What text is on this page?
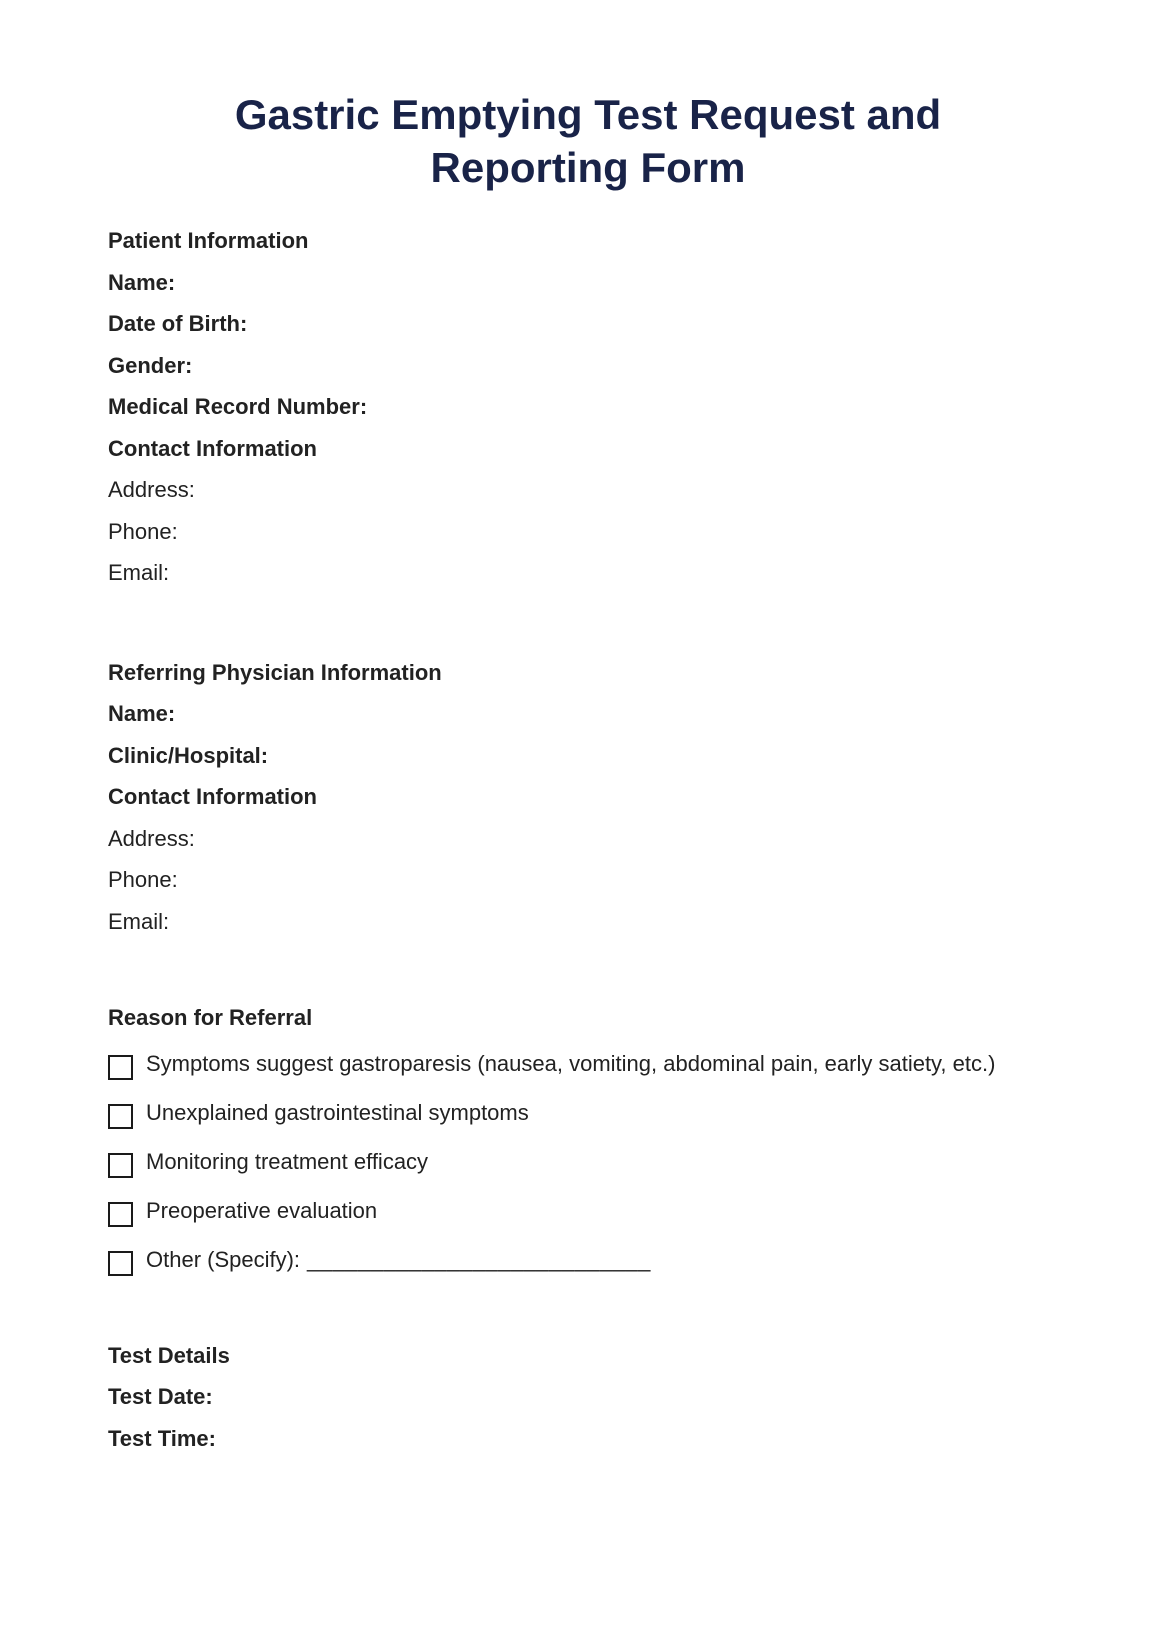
Gastric Emptying Test Request and
Reporting Form

Patient Information

Name:

Date of Birth:

Gender:

Medical Record Number:

Contact Information

Address:

Phone:

Email:

Referring Physician Information

Name:

Clinic/Hospital:

Contact Information

Address:

Phone:

Email:

Reason for Referral

Symptoms suggest gastroparesis (nausea, vomiting, abdominal pain, early satiety, etc.)
Unexplained gastrointestinal symptoms
Monitoring treatment efficacy
Preoperative evaluation
Other (Specify): ___________________________

Test Details

Test Date:

Test Time:
